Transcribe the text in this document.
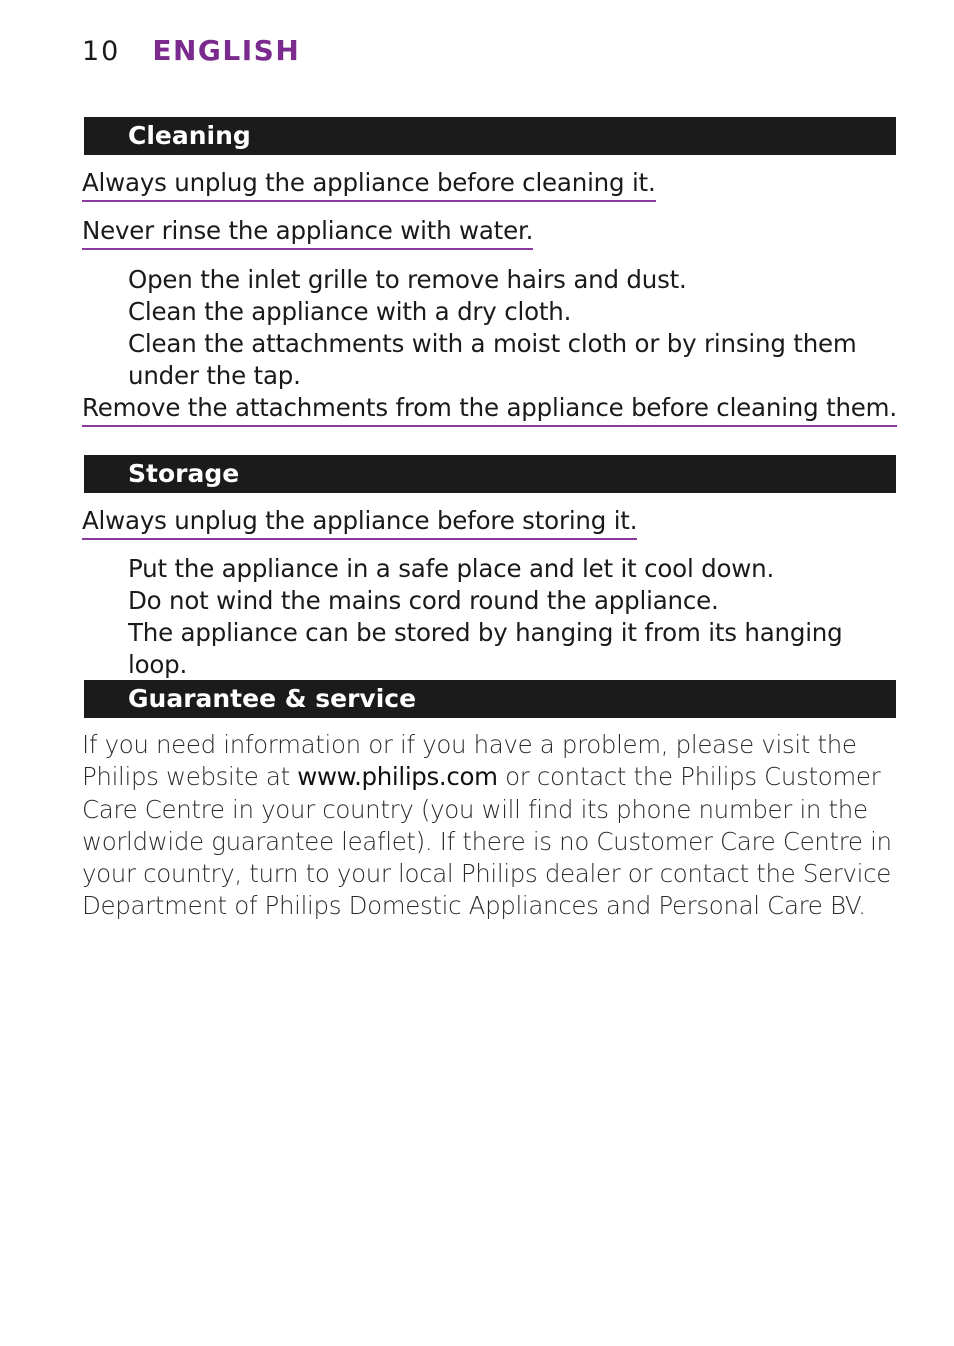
10 ENGLISH
Cleaning
Always unplug the appliance before cleaning it.
Never rinse the appliance with water.
Open the inlet grille to remove hairs and dust.
Clean the appliance with a dry cloth.
Clean the attachments with a moist cloth or by rinsing them under the tap.
Remove the attachments from the appliance before cleaning them.
Storage
Always unplug the appliance before storing it.
Put the appliance in a safe place and let it cool down.
Do not wind the mains cord round the appliance.
The appliance can be stored by hanging it from its hanging loop.
Guarantee & service

If you need information or if you have a problem, please visit the Philips website at www.philips.com or contact the Philips Customer Care Centre in your country (you will find its phone number in the worldwide guarantee leaflet). If there is no Customer Care Centre in your country, turn to your local Philips dealer or contact the Service Department of Philips Domestic Appliances and Personal Care BV.
